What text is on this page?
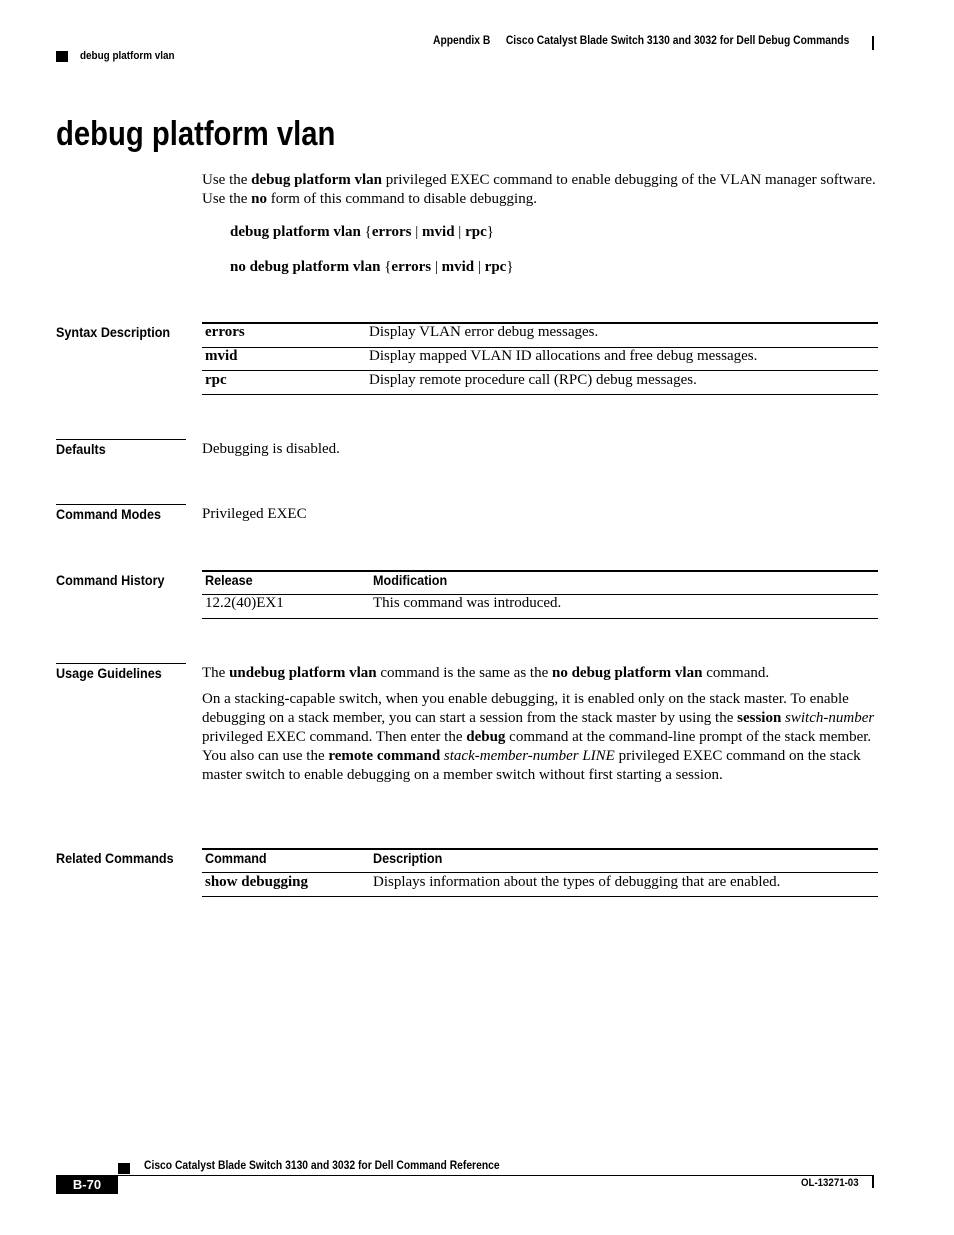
Appendix B Cisco Catalyst Blade Switch 3130 and 3032 for Dell Debug Commands
debug platform vlan
debug platform vlan
Use the debug platform vlan privileged EXEC command to enable debugging of the VLAN manager software. Use the no form of this command to disable debugging.
debug platform vlan {errors | mvid | rpc}
no debug platform vlan {errors | mvid | rpc}
Syntax Description errors	Display VLAN error debug messages.
mvid	Display mapped VLAN ID allocations and free debug messages.
rpc	Display remote procedure call (RPC) debug messages.
Defaults	Debugging is disabled.
Command Modes	Privileged EXEC
Command History	Release	Modification
12.2(40)EX1	This command was introduced.
Usage Guidelines	The undebug platform vlan command is the same as the no debug platform vlan command.
On a stacking-capable switch, when you enable debugging, it is enabled only on the stack master. To enable debugging on a stack member, you can start a session from the stack master by using the session switch-number privileged EXEC command. Then enter the debug command at the command-line prompt of the stack member. You also can use the remote command stack-member-number LINE privileged EXEC command on the stack master switch to enable debugging on a member switch without first starting a session.
Related Commands Command	Description
show debugging	Displays information about the types of debugging that are enabled.
Cisco Catalyst Blade Switch 3130 and 3032 for Dell Command Reference
B-70	OL-13271-03
